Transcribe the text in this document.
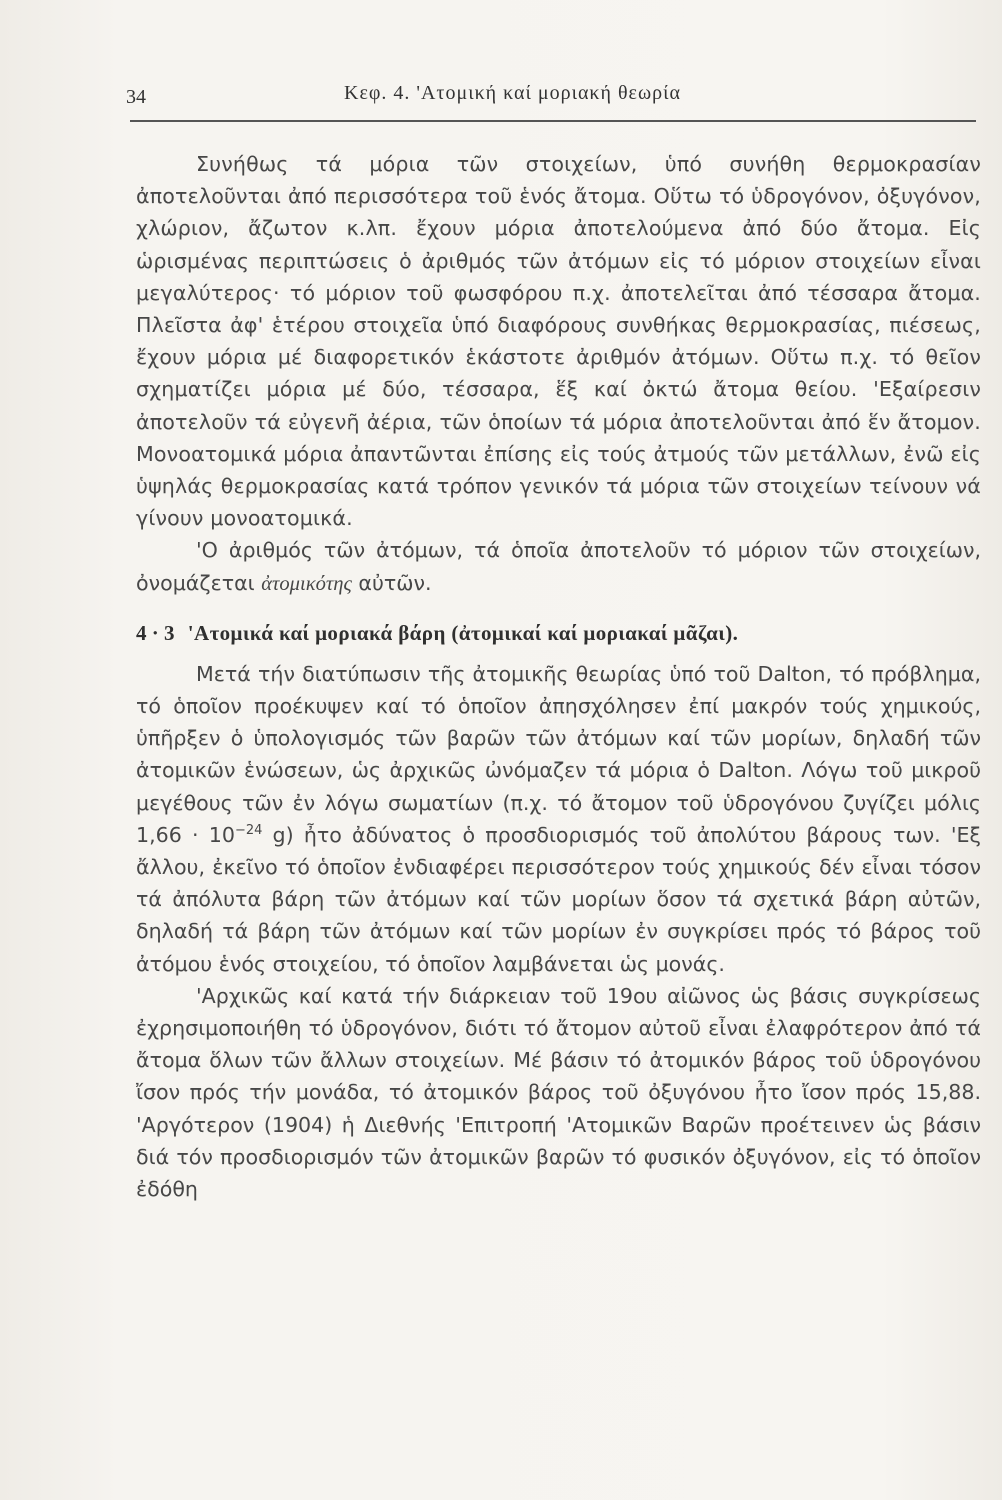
34	Κεφ. 4. 'Ατομική καί μοριακή θεωρία

Συνήθως τά μόρια τῶν στοιχείων, ὑπό συνήθη θερμοκρασίαν ἀποτελοῦνται ἀπό περισσότερα τοῦ ἑνός ἄτομα. Οὕτω τό ὑδρογόνον, ὀξυγόνον, χλώριον, ἄζωτον κ.λπ. ἔχουν μόρια ἀποτελούμενα ἀπό δύο ἄτομα. Εἰς ὡρισμένας περιπτώσεις ὁ ἀριθμός τῶν ἀτόμων εἰς τό μόριον στοιχείων εἶναι μεγαλύτερος· τό μόριον τοῦ φωσφόρου π.χ. ἀποτελεῖται ἀπό τέσσαρα ἄτομα. Πλεῖστα ἀφ' ἑτέρου στοιχεῖα ὑπό διαφόρους συνθήκας θερμοκρασίας, πιέσεως, ἔχουν μόρια μέ διαφορετικόν ἑκάστοτε ἀριθμόν ἀτόμων. Οὕτω π.χ. τό θεῖον σχηματίζει μόρια μέ δύο, τέσσαρα, ἕξ καί ὀκτώ ἄτομα θείου. 'Εξαίρεσιν ἀποτελοῦν τά εὐγενῆ ἀέρια, τῶν ὁποίων τά μόρια ἀποτελοῦνται ἀπό ἕν ἄτομον. Μονοατομικά μόρια ἀπαντῶνται ἐπίσης εἰς τούς ἀτμούς τῶν μετάλλων, ἐνῶ εἰς ὑψηλάς θερμοκρασίας κατά τρόπον γενικόν τά μόρια τῶν στοιχείων τείνουν νά γίνουν μονοατομικά.

'Ο ἀριθμός τῶν ἀτόμων, τά ὁποῖα ἀποτελοῦν τό μόριον τῶν στοιχείων, ὀνομάζεται ἀτομικότης αὐτῶν.

4 · 3 'Ατομικά καί μοριακά βάρη (ἀτομικαί καί μοριακαί μᾶζαι).

Μετά τήν διατύπωσιν τῆς ἀτομικῆς θεωρίας ὑπό τοῦ Dalton, τό πρόβλημα, τό ὁποῖον προέκυψεν καί τό ὁποῖον ἀπησχόλησεν ἐπί μακρόν τούς χημικούς, ὑπῆρξεν ὁ ὑπολογισμός τῶν βαρῶν τῶν ἀτόμων καί τῶν μορίων, δηλαδή τῶν ἀτομικῶν ἑνώσεων, ὡς ἀρχικῶς ὠνόμαζεν τά μόρια ὁ Dalton. Λόγω τοῦ μικροῦ μεγέθους τῶν ἐν λόγω σωματίων (π.χ. τό ἄτομον τοῦ ὑδρογόνου ζυγίζει μόλις $1,66 \cdot 10^{-24}$ g) ἦτο ἀδύνατος ὁ προσδιορισμός τοῦ ἀπολύτου βάρους των. 'Εξ ἄλλου, ἐκεῖνο τό ὁποῖον ἐνδιαφέρει περισσότερον τούς χημικούς δέν εἶναι τόσον τά ἀπόλυτα βάρη τῶν ἀτόμων καί τῶν μορίων ὅσον τά σχετικά βάρη αὐτῶν, δηλαδή τά βάρη τῶν ἀτόμων καί τῶν μορίων ἐν συγκρίσει πρός τό βάρος τοῦ ἀτόμου ἑνός στοιχείου, τό ὁποῖον λαμβάνεται ὡς μονάς.

'Αρχικῶς καί κατά τήν διάρκειαν τοῦ 19ου αἰῶνος ὡς βάσις συγκρίσεως ἐχρησιμοποιήθη τό ὑδρογόνον, διότι τό ἄτομον αὐτοῦ εἶναι ἐλαφρότερον ἀπό τά ἄτομα ὅλων τῶν ἄλλων στοιχείων. Μέ βάσιν τό ἀτομικόν βάρος τοῦ ὑδρογόνου ἴσον πρός τήν μονάδα, τό ἀτομικόν βάρος τοῦ ὀξυγόνου ἦτο ἴσον πρός 15,88. 'Αργότερον (1904) ἡ Διεθνής 'Επιτροπή 'Ατομικῶν Βαρῶν προέτεινεν ὡς βάσιν διά τόν προσδιορισμόν τῶν ἀτομικῶν βαρῶν τό φυσικόν ὀξυγόνον, εἰς τό ὁποῖον ἐδόθη
